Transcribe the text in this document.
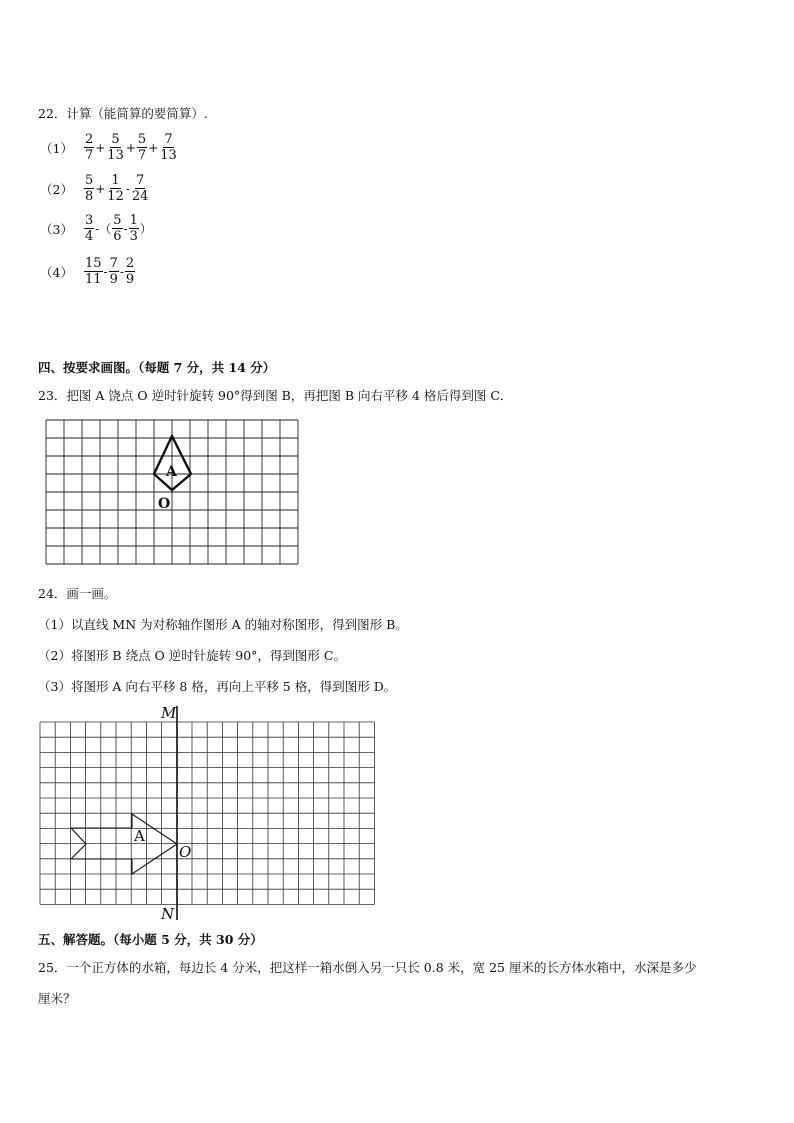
22．计算（能简算的要简算）.
$(1) \frac{2}{7} + \frac{5}{13} + \frac{5}{7} + \frac{7}{13}$
$(2) \frac{5}{8} + \frac{1}{12} - \frac{7}{24}$
$(3) \frac{3}{4}$ -（ $\frac{5}{6} - \frac{1}{3}$ ）
$(4) \frac{15}{11} - \frac{7}{9} - \frac{2}{9}$
四、按要求画图。（每题 7 分，共 14 分）
23．把图 A 饶点 O 逆时针旋转 90°得到图 B，再把图 B 向右平移 4 格后得到图 C．
A
O
24．画一画。
（1）以直线 MN 为对称轴作图形 A 的轴对称图形，得到图形 B。
（2）将图形 B 绕点 O 逆时针旋转 90°，得到图形 C。
（3）将图形 A 向右平移 8 格，再向上平移 5 格，得到图形 D。
A
O
M
N
五、解答题。（每小题 5 分，共 30 分）
25．一个正方体的水箱，每边长 4 分米，把这样一箱水倒入另一只长 0.8 米，宽 25 厘米的长方体水箱中，水深是多少
厘米？
